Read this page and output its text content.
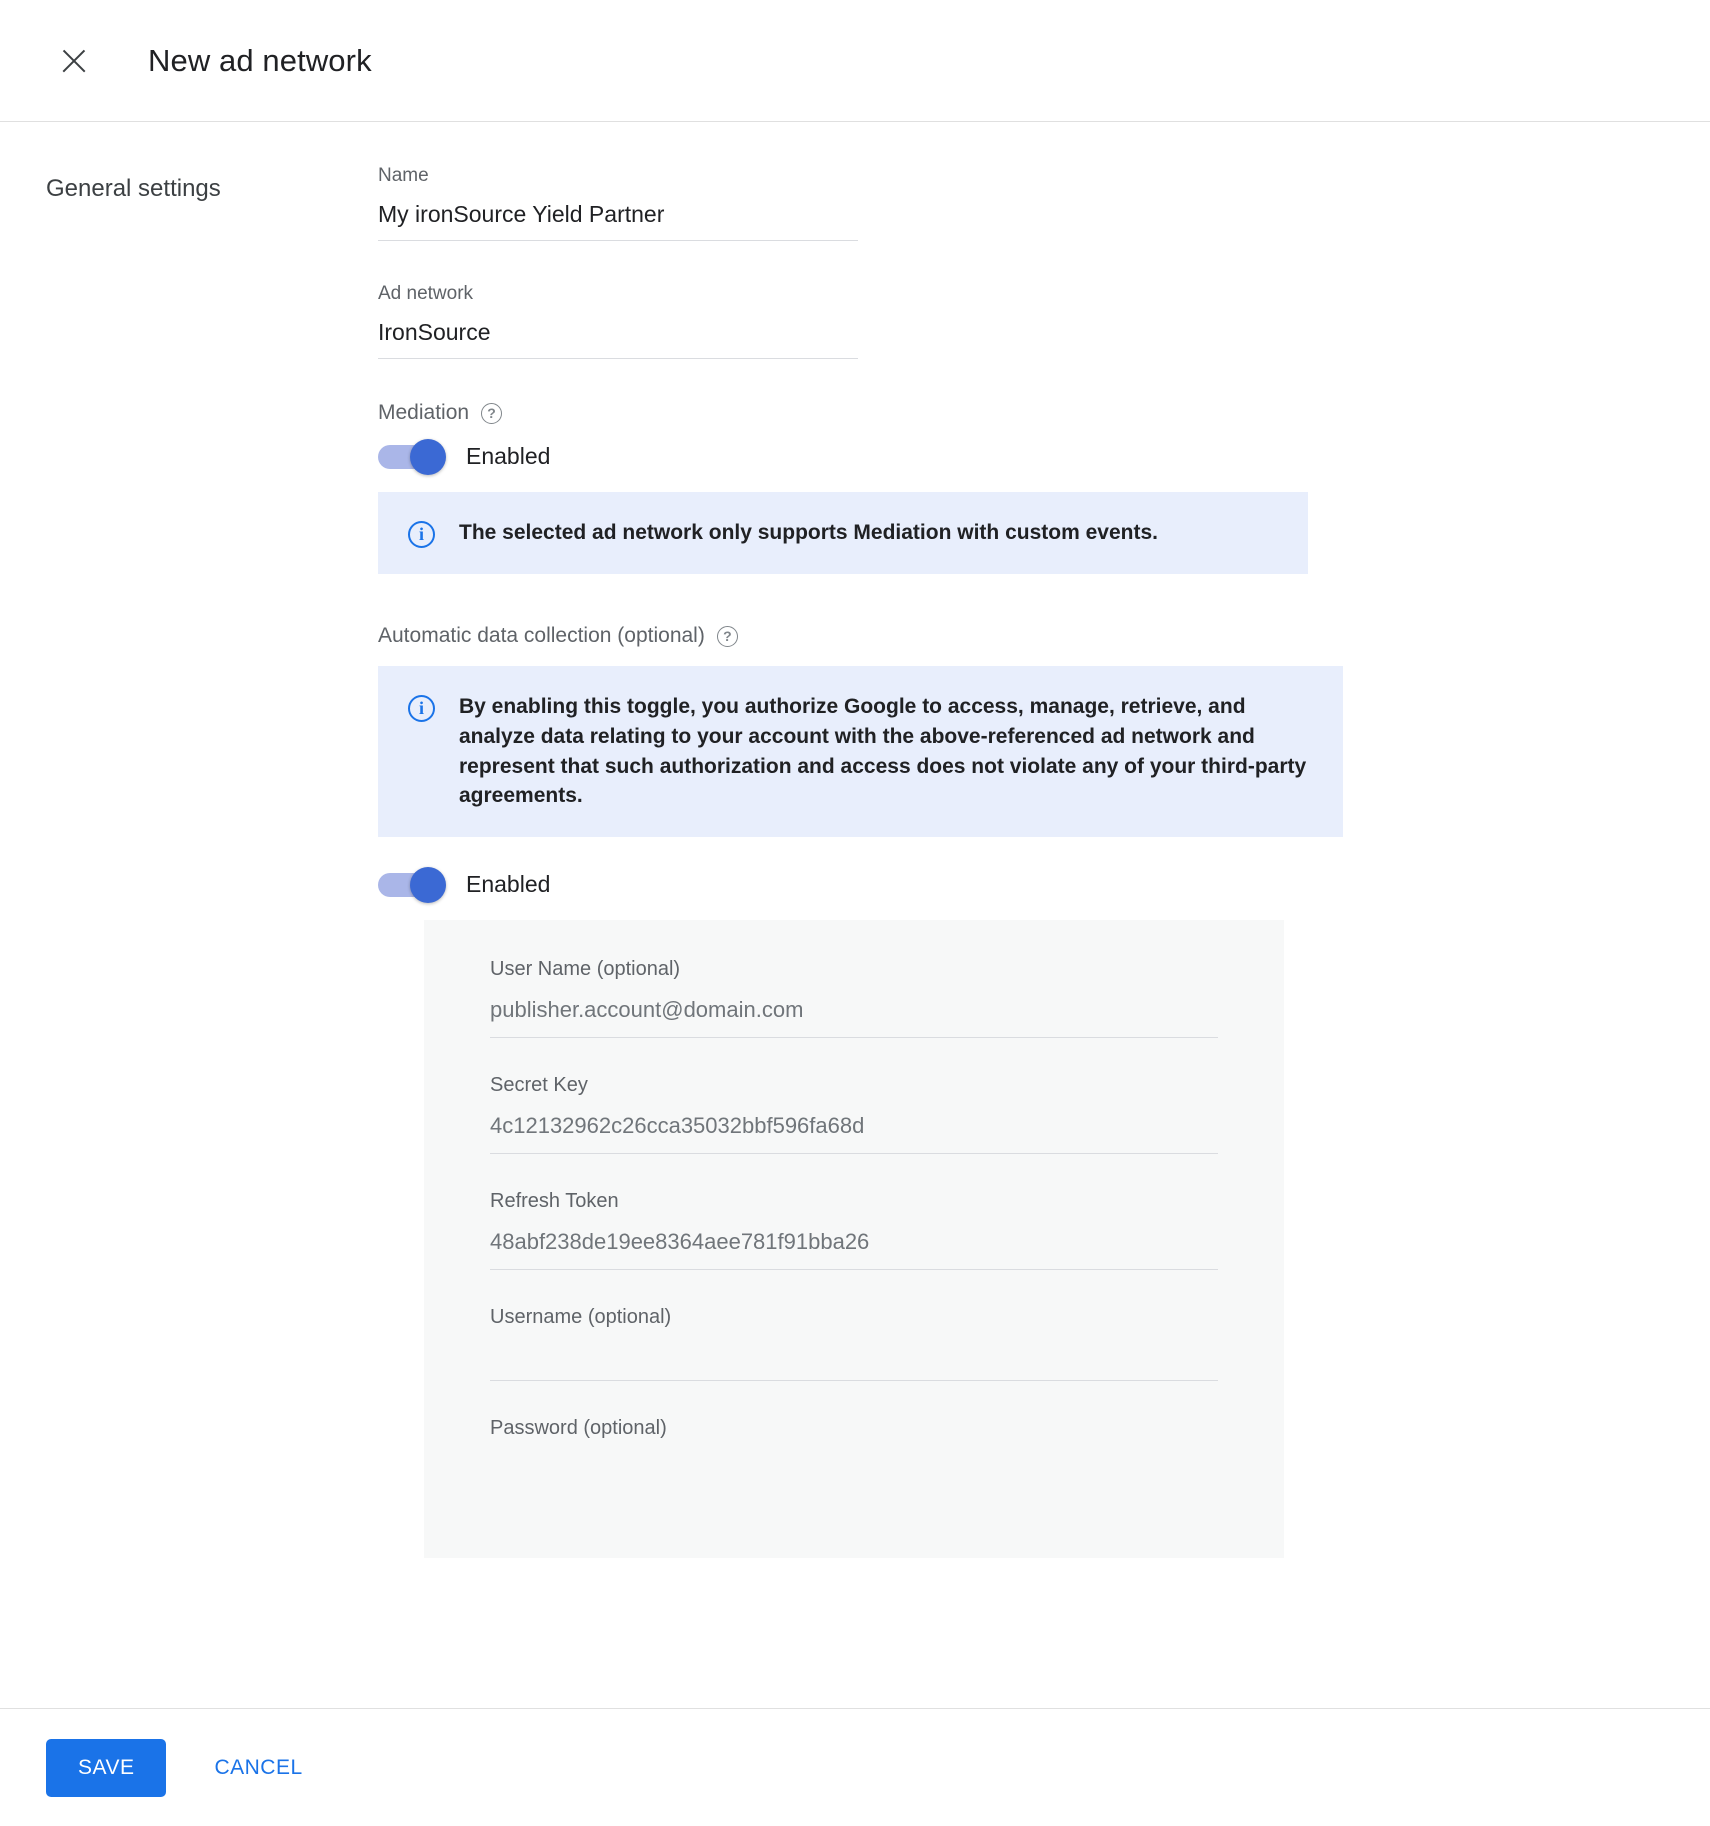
New ad network
General settings	Name
My ironSource Yield Partner
Ad network
IronSource
Mediation	?
Enabled
i	The selected ad network only supports Mediation with custom events.
Automatic data collection (optional)	?
i	By enabling this toggle, you authorize Google to access, manage, retrieve, and analyze data relating to your account with the above-referenced ad network and represent that such authorization and access does not violate any of your third-party agreements.
Enabled
User Name (optional)
publisher.account@domain.com
Secret Key
4c12132962c26cca35032bbf596fa68d
Refresh Token
48abf238de19ee8364aee781f91bba26
Username (optional)
Password (optional)
SAVE	CANCEL
